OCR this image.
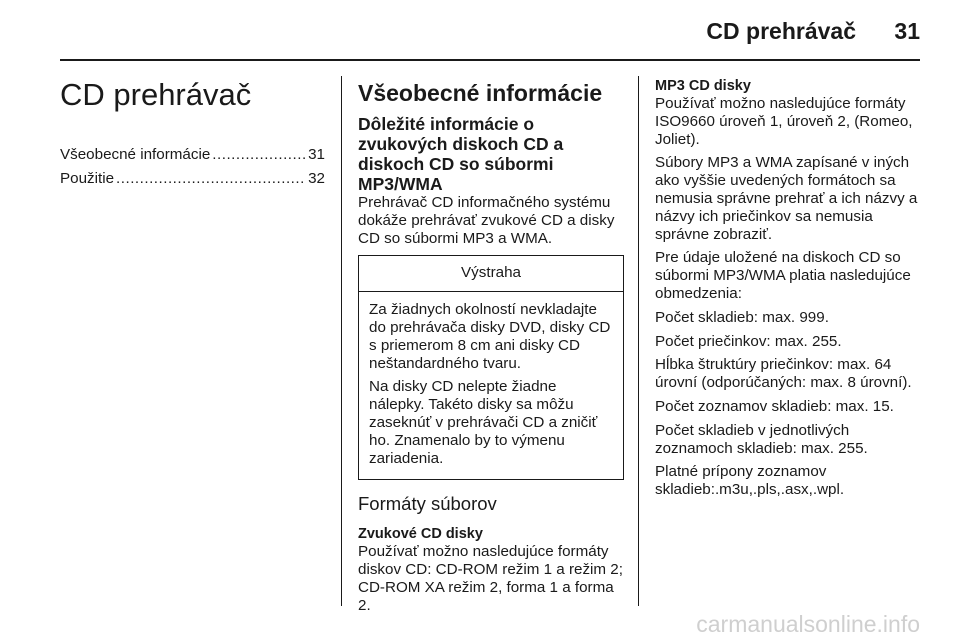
CD prehrávač 31
CD prehrávač
Všeobecné informácie .....	31
Použitie .....	32
Všeobecné informácie
Dôležité informácie o zvukových diskoch CD a diskoch CD so súbormi MP3/WMA

Prehrávač CD informačného systému dokáže prehrávať zvukové CD a disky CD so súbormi MP3 a WMA.

Výstraha

Za žiadnych okolností nevkladajte do prehrávača disky DVD, disky CD s priemerom 8 cm ani disky CD neštandardného tvaru.

Na disky CD nelepte žiadne nálepky. Takéto disky sa môžu zaseknúť v prehrávači CD a zničiť ho. Znamenalo by to výmenu zariadenia.

Formáty súborov
Zvukové CD disky

Používať možno nasledujúce formáty diskov CD: CD-ROM režim 1 a režim 2; CD-ROM XA režim 2, forma 1 a forma 2.

MP3 CD disky

Používať možno nasledujúce formáty ISO9660 úroveň 1, úroveň 2, (Romeo, Joliet).

Súbory MP3 a WMA zapísané v iných ako vyššie uvedených formátoch sa nemusia správne prehrať a ich názvy a názvy ich priečinkov sa nemusia správne zobraziť.

Pre údaje uložené na diskoch CD so súbormi MP3/WMA platia nasledujúce obmedzenia:

Počet skladieb: max. 999.

Počet priečinkov: max. 255.

Hĺbka štruktúry priečinkov: max. 64 úrovní (odporúčaných: max. 8 úrovní).

Počet zoznamov skladieb: max. 15.

Počet skladieb v jednotlivých zoznamoch skladieb: max. 255.

Platné prípony zoznamov skladieb:.m3u,.pls,.asx,.wpl.

carmanualsonline.info
